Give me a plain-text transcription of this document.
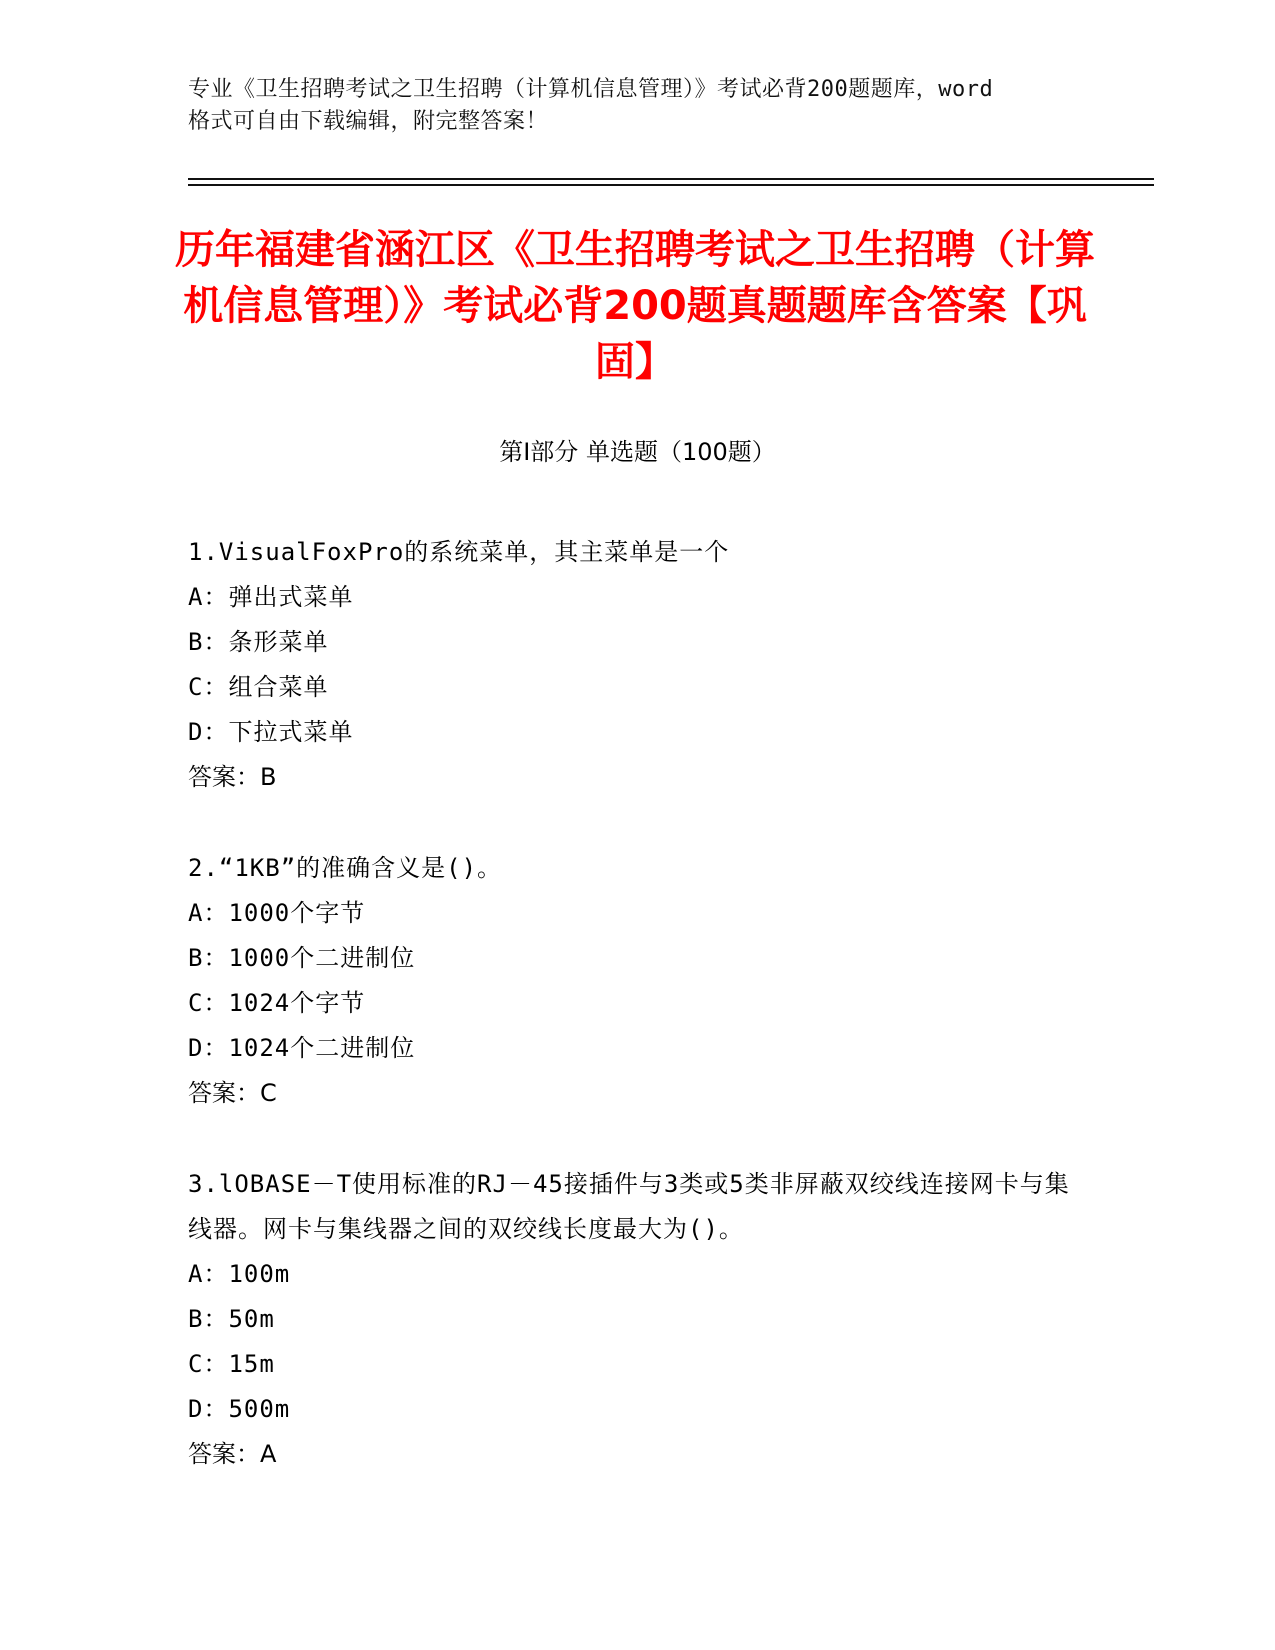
专业《卫生招聘考试之卫生招聘（计算机信息管理）》考试必背200题题库，word
格式可自由下载编辑，附完整答案！
历年福建省涵江区《卫生招聘考试之卫生招聘（计算机信息管理）》考试必背200题真题题库含答案【巩固】
第Ⅰ部分 单选题（100题）

1.VisualFoxPro的系统菜单，其主菜单是一个

A：弹出式菜单

B：条形菜单

C：组合菜单

D：下拉式菜单

答案：B

2.“1KB”的准确含义是()。

A：1000个字节

B：1000个二进制位

C：1024个字节

D：1024个二进制位

答案：C

3.lOBASE－T使用标准的RJ－45接插件与3类或5类非屏蔽双绞线连接网卡与集线器。网卡与集线器之间的双绞线长度最大为()。

A：100m

B：50m

C：15m

D：500m

答案：A
